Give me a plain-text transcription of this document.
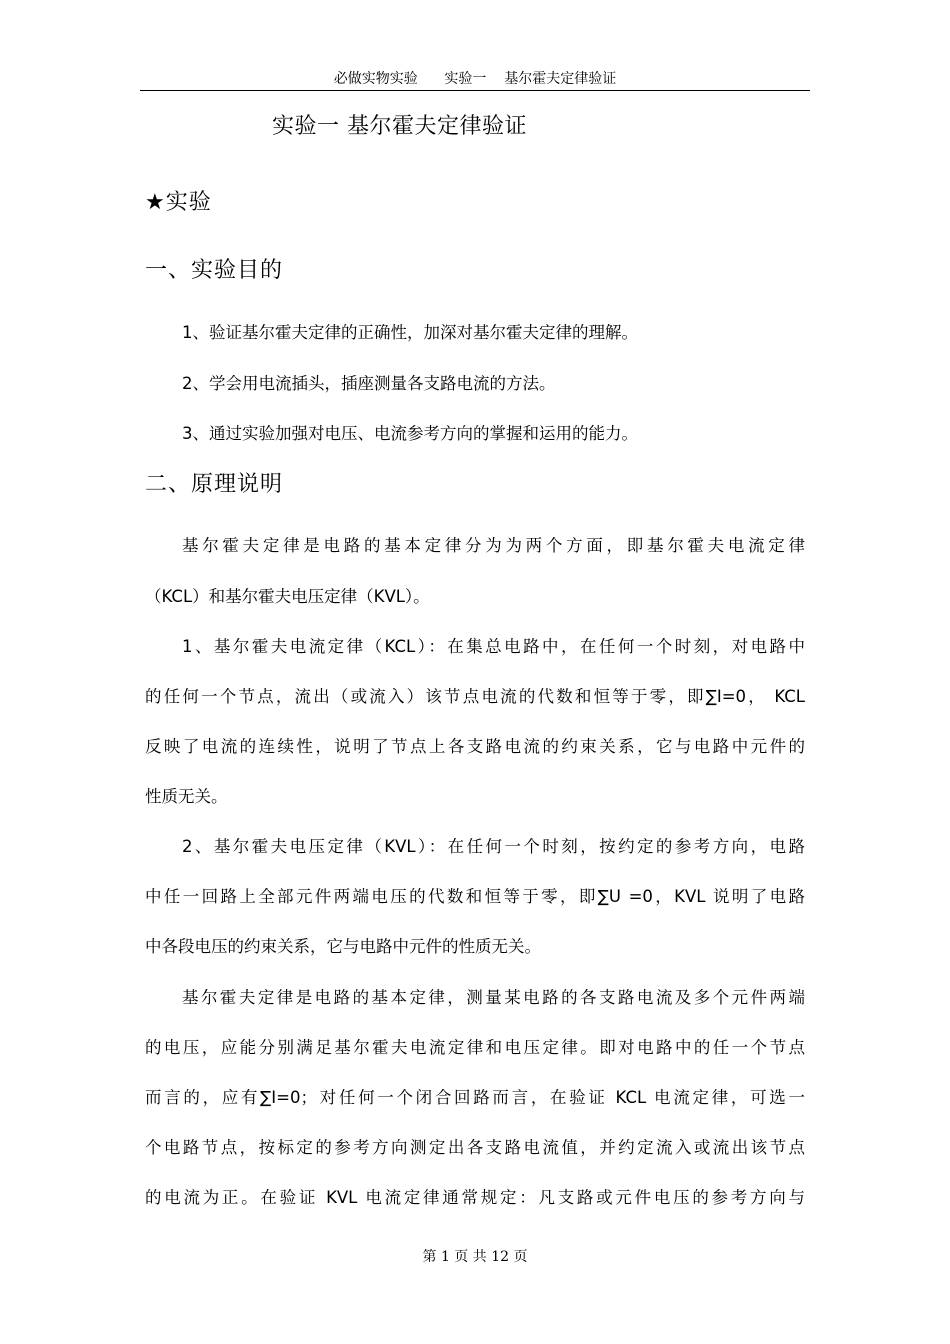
必做实物实验      实验一    基尔霍夫定律验证
实验一 基尔霍夫定律验证
★实验
一、实验目的
1、验证基尔霍夫定律的正确性，加深对基尔霍夫定律的理解。
2、学会用电流插头，插座测量各支路电流的方法。
3、通过实验加强对电压、电流参考方向的掌握和运用的能力。
二、原理说明
基尔霍夫定律是电路的基本定律分为为两个方面，即基尔霍夫电流定律
（KCL）和基尔霍夫电压定律（KVL）。
1、基尔霍夫电流定律（KCL）：在集总电路中，在任何一个时刻，对电路中
的任何一个节点，流出（或流入）该节点电流的代数和恒等于零，即∑I=0， KCL
反映了电流的连续性，说明了节点上各支路电流的约束关系，它与电路中元件的
性质无关。
2、基尔霍夫电压定律（KVL）：在任何一个时刻，按约定的参考方向，电路
中任一回路上全部元件两端电压的代数和恒等于零，即∑U =0，KVL 说明了电路
中各段电压的约束关系，它与电路中元件的性质无关。
基尔霍夫定律是电路的基本定律，测量某电路的各支路电流及多个元件两端
的电压，应能分别满足基尔霍夫电流定律和电压定律。即对电路中的任一个节点
而言的，应有∑I=0；对任何一个闭合回路而言，在验证 KCL 电流定律，可选一
个电路节点，按标定的参考方向测定出各支路电流值，并约定流入或流出该节点
的电流为正。在验证 KVL 电流定律通常规定：凡支路或元件电压的参考方向与
第 1 页 共 12 页
